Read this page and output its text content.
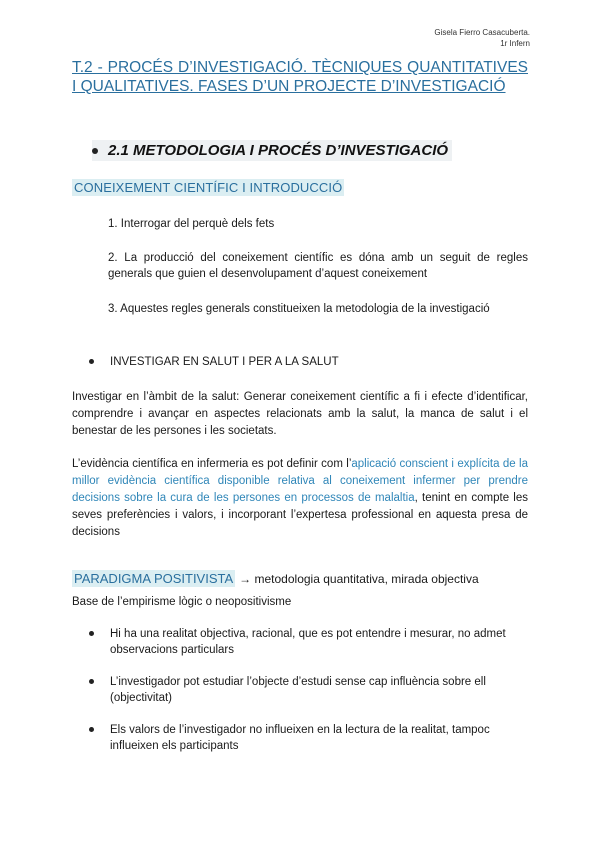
Gisela Fierro Casacuberta.
1r Infern
T.2 - PROCÉS D’INVESTIGACIÓ. TÈCNIQUES QUANTITATIVES I QUALITATIVES. FASES D’UN PROJECTE D’INVESTIGACIÓ
2.1 METODOLOGIA I PROCÉS D’INVESTIGACIÓ
CONEIXEMENT CIENTÍFIC I INTRODUCCIÓ

1. Interrogar del perquè dels fets

2. La producció del coneixement científic es dóna amb un seguit de regles generals que guien el desenvolupament d’aquest coneixement

3. Aquestes regles generals constitueixen la metodologia de la investigació

INVESTIGAR EN SALUT I PER A LA SALUT

Investigar en l’àmbit de la salut: Generar coneixement científic a fi i efecte d’identificar, comprendre i avançar en aspectes relacionats amb la salut, la manca de salut i el benestar de les persones i les societats.

L’evidència científica en infermeria es pot definir com l’aplicació conscient i explícita de la millor evidència científica disponible relativa al coneixement infermer per prendre decisions sobre la cura de les persones en processos de malaltia, tenint en compte les seves preferències i valors, i incorporant l’expertesa professional en aquesta presa de decisions

PARADIGMA POSITIVISTA → metodologia quantitativa, mirada objectiva

Base de l’empirisme lògic o neopositivisme

Hi ha una realitat objectiva, racional, que es pot entendre i mesurar, no admet observacions particulars
L’investigador pot estudiar l’objecte d’estudi sense cap influència sobre ell (objectivitat)
Els valors de l’investigador no influeixen en la lectura de la realitat, tampoc influeixen els participants
